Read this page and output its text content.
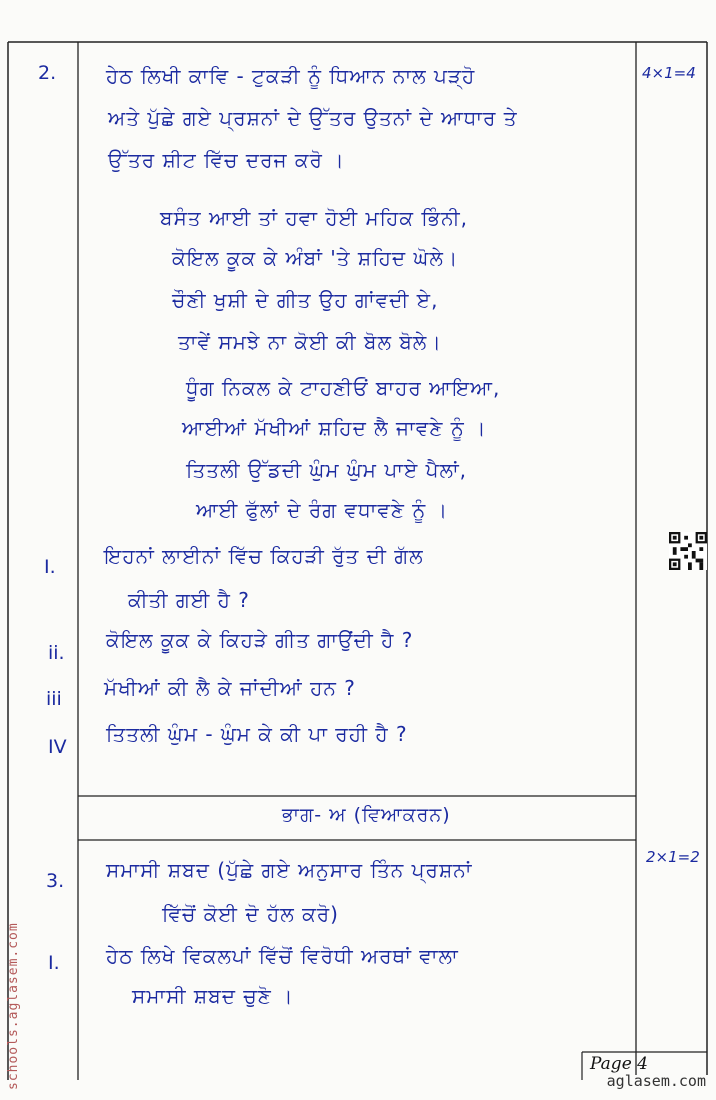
2.	4×1=4
ਹੇਠ ਲਿਖੀ ਕਾਵਿ - ਟੁਕੜੀ ਨੂੰ ਧਿਆਨ ਨਾਲ ਪੜ੍ਹੋ
ਅਤੇ ਪੁੱਛੇ ਗਏ ਪ੍ਰਸ਼ਨਾਂ ਦੇ ਉੱਤਰ ਉਤਨਾਂ ਦੇ ਆਧਾਰ ਤੇ
ਉੱਤਰ ਸ਼ੀਟ ਵਿੱਚ ਦਰਜ ਕਰੋ ।
ਬਸੰਤ ਆਈ ਤਾਂ ਹਵਾ ਹੋਈ ਮਹਿਕ ਭਿੰਨੀ,
ਕੋਇਲ ਕੂਕ ਕੇ ਅੰਬਾਂ 'ਤੇ ਸ਼ਹਿਦ ਘੋਲੇ।
ਚੌਣੀ ਖੁਸ਼ੀ ਦੇ ਗੀਤ ਉਹ ਗਾਂਵਦੀ ਏ,
ਤਾਵੇਂ ਸਮਝੇ ਨਾ ਕੋਈ ਕੀ ਬੋਲ ਬੋਲੇ।
ਧੂੰਗ ਨਿਕਲ ਕੇ ਟਾਹਣੀਓਂ ਬਾਹਰ ਆਇਆ,
ਆਈਆਂ ਮੱਖੀਆਂ ਸ਼ਹਿਦ ਲੈ ਜਾਵਣੇ ਨੂੰ ।
ਤਿਤਲੀ ਉੱਡਦੀ ਘੁੰਮ ਘੁੰਮ ਪਾਏ ਪੈਲਾਂ,
ਆਈ ਫੁੱਲਾਂ ਦੇ ਰੰਗ ਵਧਾਵਣੇ ਨੂੰ ।
I. ਇਹਨਾਂ ਲਾਈਨਾਂ ਵਿੱਚ ਕਿਹੜੀ ਰੁੱਤ ਦੀ ਗੱਲ
ਕੀਤੀ ਗਈ ਹੈ ?
ii.
ਕੋਇਲ ਕੂਕ ਕੇ ਕਿਹੜੇ ਗੀਤ ਗਾਉਂਦੀ ਹੈ ?
iii ਮੱਖੀਆਂ ਕੀ ਲੈ ਕੇ ਜਾਂਦੀਆਂ ਹਨ ?
IV
ਤਿਤਲੀ ਘੁੰਮ - ਘੁੰਮ ਕੇ ਕੀ ਪਾ ਰਹੀ ਹੈ ?
ਭਾਗ- ਅ (ਵਿਆਕਰਨ)
3.
2×1=2
ਸਮਾਸੀ ਸ਼ਬਦ (ਪੁੱਛੇ ਗਏ ਅਨੁਸਾਰ ਤਿੰਨ ਪ੍ਰਸ਼ਨਾਂ
ਵਿੱਚੋਂ ਕੋਈ ਦੋ ਹੱਲ ਕਰੋ)
I. ਹੇਠ ਲਿਖੇ ਵਿਕਲਪਾਂ ਵਿੱਚੋਂ ਵਿਰੋਧੀ ਅਰਥਾਂ ਵਾਲਾ
ਸਮਾਸੀ ਸ਼ਬਦ ਚੁਣੋ ।
Page 4
schools.aglasem.com	aglasem.com
